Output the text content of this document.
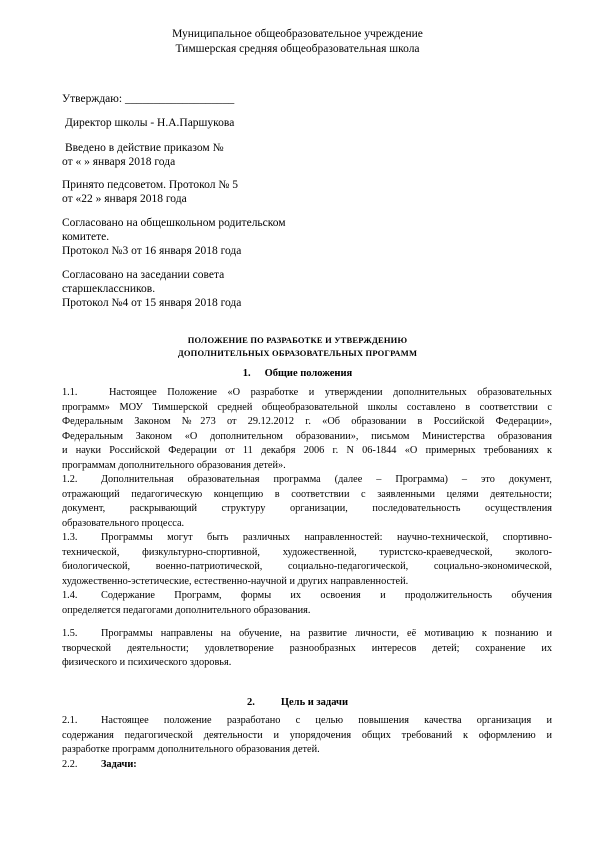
Муниципальное общеобразовательное учреждение
Тимшерская средняя общеобразовательная школа
Утверждаю: ___________________
Директор школы - Н.А.Паршукова
Введено в действие приказом №
от « » января 2018 года
Принято педсоветом. Протокол № 5
от «22 » января 2018 года
Согласовано на общешкольном родительском
комитете.
Протокол №3 от 16 января 2018 года
Согласовано на заседании совета
старшеклассников.
Протокол №4 от 15 января 2018 года
ПОЛОЖЕНИЕ ПО РАЗРАБОТКЕ И УТВЕРЖДЕНИЮ
ДОПОЛНИТЕЛЬНЫХ ОБРАЗОВАТЕЛЬНЫХ ПРОГРАММ
1. Общие положения
1.1.	Настоящее Положение «О разработке и утверждении дополнительных образовательных
программ» МОУ Тимшерской средней общеобразовательной школы составлено в соответствии с
Федеральным Законом №273 от 29.12.2012 г. «Об образовании в Российской Федерации»,
Федеральным Законом «О дополнительном образовании», письмом Министерства образования
и науки Российской Федерации от 11 декабря 2006 г. N 06-1844 «О примерных требованиях к
программам дополнительного образования детей».
1.2. Дополнительная образовательная программа (далее – Программа) – это документ,
отражающий педагогическую концепцию в соответствии с заявленными целями деятельности;
документ, раскрывающий структуру организации, последовательность осуществления
образовательного процесса.
1.3. Программы могут быть различных направленностей: научно-технической, спортивно-
технической, физкультурно-спортивной, художественной, туристско-краеведческой, эколого-
биологической, военно-патриотической, социально-педагогической, социально-экономической,
художественно-эстетические, естественно-научной и других направленностей.
1.4. Содержание Программ, формы их освоения и продолжительность обучения
определяется педагогами дополнительного образования.
1.5. Программы направлены на обучение, на развитие личности, её мотивацию к познанию и
творческой деятельности; удовлетворение разнообразных интересов детей; сохранение их
физического и психического здоровья.
2. Цель и задачи
2.1. Настоящее положение разработано с целью повышения качества организация и
содержания педагогической деятельности и упорядочения общих требований к оформлению и
разработке программ дополнительного образования детей.
2.2. Задачи:
